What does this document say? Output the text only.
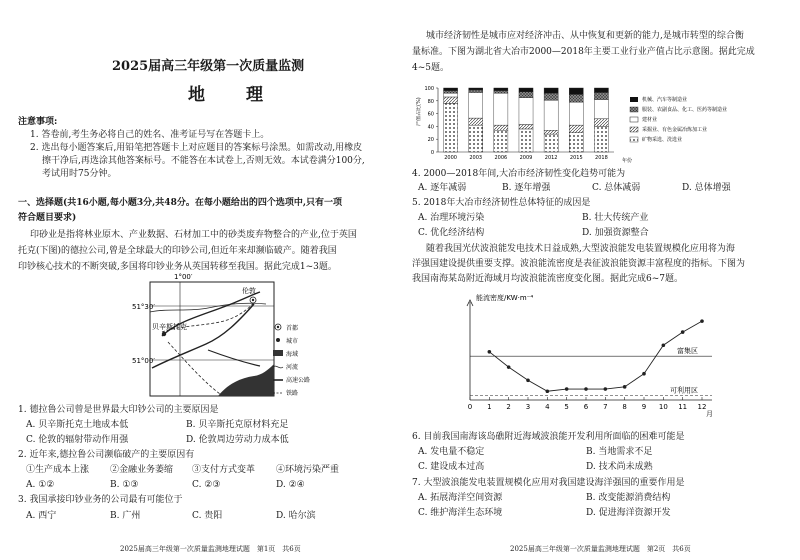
2025届高三年级第一次质量监测
地　理
注意事项:
1. 答卷前,考生务必将自己的姓名、准考证号写在答题卡上。
2. 选出每小题答案后,用铅笔把答题卡上对应题目的答案标号涂黑。如需改动,用橡皮
擦干净后,再选涂其他答案标号。不能答在本试卷上,否则无效。本试卷满分100分,
考试用时75分钟。
一、选择题(共16小题,每小题3分,共48分。在每小题给出的四个选项中,只有一项
符合题目要求)
印砂业是指将林业原木、产业数据、石材加工中的砂类废弃物整合的产业,位于英国
托克(下图)的德拉公司,曾是全球最大的印钞公司,但近年来却濒临破产。随着我国
印钞核心技术的不断突破,多国将印钞业务从英国转移至我国。据此完成1~3题。
51°30′
51°00′
1°00′
伦敦
贝辛斯托克	首都
城市
海域
河流
高速公路
铁路
1. 德拉鲁公司曾是世界最大印钞公司的主要原因是
A. 贝辛斯托克土地成本低	B. 贝辛斯托克原材料充足
C. 伦敦的辐射带动作用强	D. 伦敦周边劳动力成本低
2. 近年来,德拉鲁公司濒临破产的主要原因有
①生产成本上涨 ②金融业务萎缩 ③支付方式变革 ④环境污染严重
A. ①②	B. ①③	C. ②③	D. ②④
3. 我国承接印钞业务的公司最有可能位于
A. 西宁	B. 广州	C. 贵阳	D. 哈尔滨
2025届高三年级第一次质量监测地理试题　第1页　共6页
城市经济韧性是城市应对经济冲击、从中恢复和更新的能力,是城市转型的综合衡
量标准。下图为湖北省大冶市2000—2018年主要工业行业产值占比示意图。据此完成
4~5题。
产值占比(%)
100
80
60
40
20
0
2000 2003 2006 2009 2012 2015 2018	年份
机械、汽车等制造业
服装、农副食品、化工、医药等制造业
建材业
采掘业、有色金属冶炼加工业
矿物采选、洗选业
4. 2000—2018年间,大冶市经济韧性变化趋势可能为
A. 逐年减弱	B. 逐年增强	C. 总体减弱	D. 总体增强
5. 2018年大冶市经济韧性总体特征的成因是
A. 治理环境污染	B. 壮大传统产业
C. 优化经济结构	D. 加强资源整合
随着我国光伏波浪能发电技术日益成熟,大型波浪能发电装置规模化应用将为海
洋强国建设提供重要支撑。波浪能流密度是表征波浪能资源丰富程度的指标。下图为
我国南海某岛附近海域月均波浪能流密度变化图。据此完成6~7题。
能流密度/KW·m⁻⁴
富集区
可利用区
0 1 2 3 4 5 6 7 8 9 10 11 12
月
6. 目前我国南海该岛礁附近海域波浪能开发利用所面临的困难可能是
A. 发电量不稳定	B. 当地需求不足
C. 建设成本过高	D. 技术尚未成熟
7. 大型波浪能发电装置规模化应用对我国建设海洋强国的重要作用是
A. 拓展海洋空间资源	B. 改变能源消费结构
C. 维护海洋生态环境	D. 促进海洋资源开发
2025届高三年级第一次质量监测地理试题　第2页　共6页
